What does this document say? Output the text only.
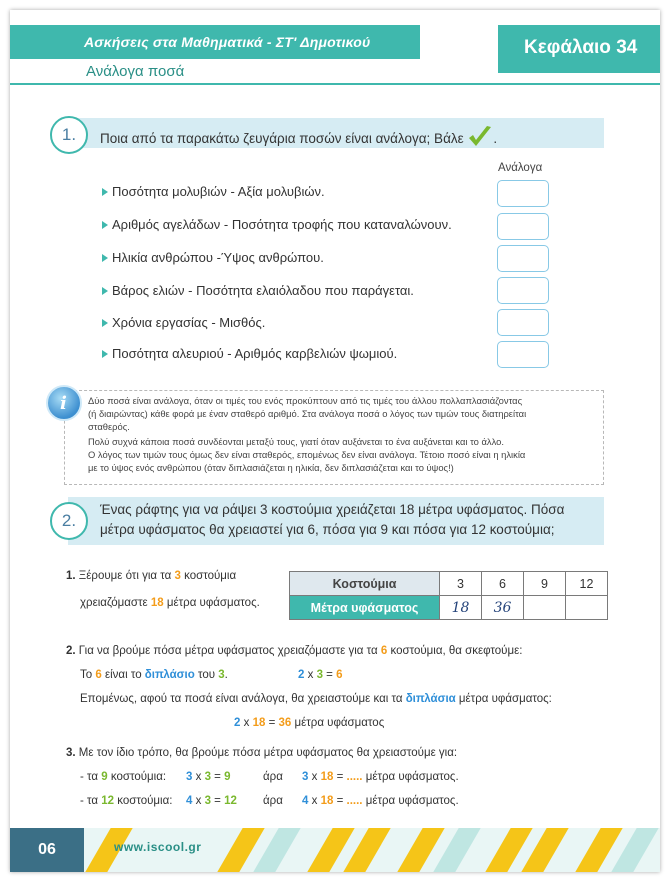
Ασκήσεις στα Μαθηματικά - ΣΤ' Δημοτικού	Κεφάλαιο 34
Ανάλογα ποσά
1.	Ποια από τα παρακάτω ζευγάρια ποσών είναι ανάλογα; Βάλε .
Ανάλογα
Ποσότητα μολυβιών - Αξία μολυβιών.
Αριθμός αγελάδων - Ποσότητα τροφής που καταναλώνουν.
Ηλικία ανθρώπου -Ύψος ανθρώπου.
Βάρος ελιών - Ποσότητα ελαιόλαδου που παράγεται.
Χρόνια εργασίας - Μισθός.
Ποσότητα αλευριού - Αριθμός καρβελιών ψωμιού.
i Δύο ποσά είναι ανάλογα, όταν οι τιμές του ενός προκύπτουν από τις τιμές του άλλου πολλαπλασιάζοντας
(ή διαιρώντας) κάθε φορά με έναν σταθερό αριθμό. Στα ανάλογα ποσά ο λόγος των τιμών τους διατηρείται
σταθερός.
Πολύ συχνά κάποια ποσά συνδέονται μεταξύ τους, γιατί όταν αυξάνεται το ένα αυξάνεται και το άλλο.
Ο λόγος των τιμών τους όμως δεν είναι σταθερός, επομένως δεν είναι ανάλογα. Τέτοιο ποσό είναι η ηλικία
με το ύψος ενός ανθρώπου (όταν διπλασιάζεται η ηλικία, δεν διπλασιάζεται και το ύψος!)
2.
Ένας ράφτης για να ράψει 3 κοστούμια χρειάζεται 18 μέτρα υφάσματος. Πόσα
μέτρα υφάσματος θα χρειαστεί για 6, πόσα για 9 και πόσα για 12 κοστούμια;
1. Ξέρουμε ότι για τα 3 κοστούμια
χρειαζόμαστε 18 μέτρα υφάσματος.
Κοστούμια	3	6	9	12
Μέτρα υφάσματος	18	36		
2. Για να βρούμε πόσα μέτρα υφάσματος χρειαζόμαστε για τα 6 κοστούμια, θα σκεφτούμε:
Το 6 είναι το διπλάσιο του 3.	2 x 3 = 6
Επομένως, αφού τα ποσά είναι ανάλογα, θα χρειαστούμε και τα διπλάσια μέτρα υφάσματος:
2 x 18 = 36 μέτρα υφάσματος
3. Με τον ίδιο τρόπο, θα βρούμε πόσα μέτρα υφάσματος θα χρειαστούμε για:
- τα 9 κοστούμια: 3 x 3 = 9	άρα 3 x 18 = ..... μέτρα υφάσματος.
- τα 12 κοστούμια: 4 x 3 = 12 άρα 4 x 18 = ..... μέτρα υφάσματος.
06	www.iscool.gr
